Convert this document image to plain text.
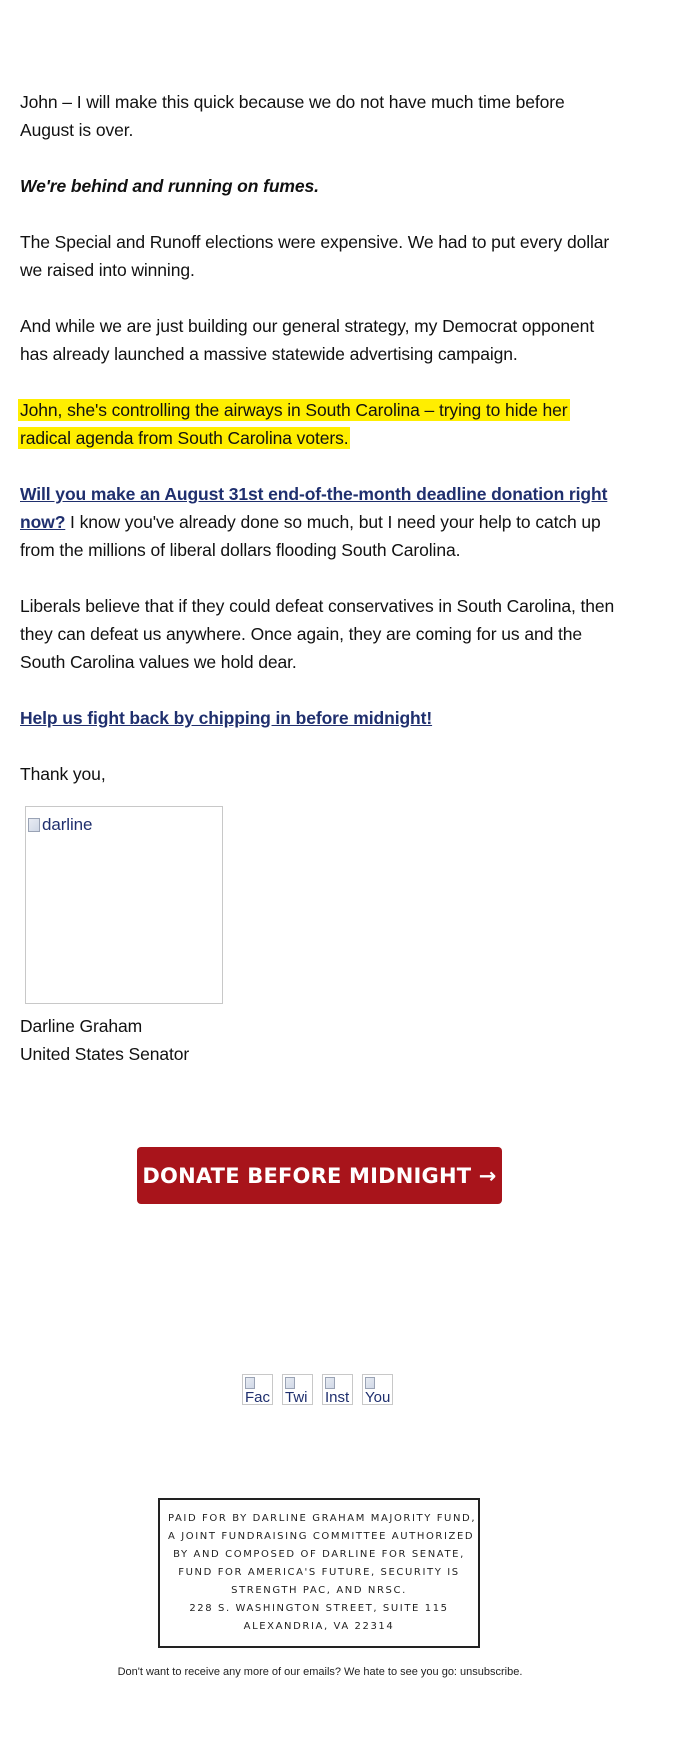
John – I will make this quick because we do not have much time before August is over.

We're behind and running on fumes.

The Special and Runoff elections were expensive. We had to put every dollar we raised into winning.

And while we are just building our general strategy, my Democrat opponent has already launched a massive statewide advertising campaign.

John, she's controlling the airways in South Carolina – trying to hide her radical agenda from South Carolina voters.

Will you make an August 31st end-of-the-month deadline donation right now? I know you've already done so much, but I need your help to catch up from the millions of liberal dollars flooding South Carolina.

Liberals believe that if they could defeat conservatives in South Carolina, then they can defeat us anywhere. Once again, they are coming for us and the South Carolina values we hold dear.

Help us fight back by chipping in before midnight!

Thank you,

darline
Darline Graham
United States Senator
DONATE BEFORE MIDNIGHT →
Fac Twi Inst You
PAID FOR BY DARLINE GRAHAM MAJORITY FUND,
A JOINT FUNDRAISING COMMITTEE AUTHORIZED
BY AND COMPOSED OF DARLINE FOR SENATE,
FUND FOR AMERICA'S FUTURE, SECURITY IS
STRENGTH PAC, AND NRSC.
228 S. WASHINGTON STREET, SUITE 115
ALEXANDRIA, VA 22314
Don't want to receive any more of our emails? We hate to see you go: unsubscribe.
